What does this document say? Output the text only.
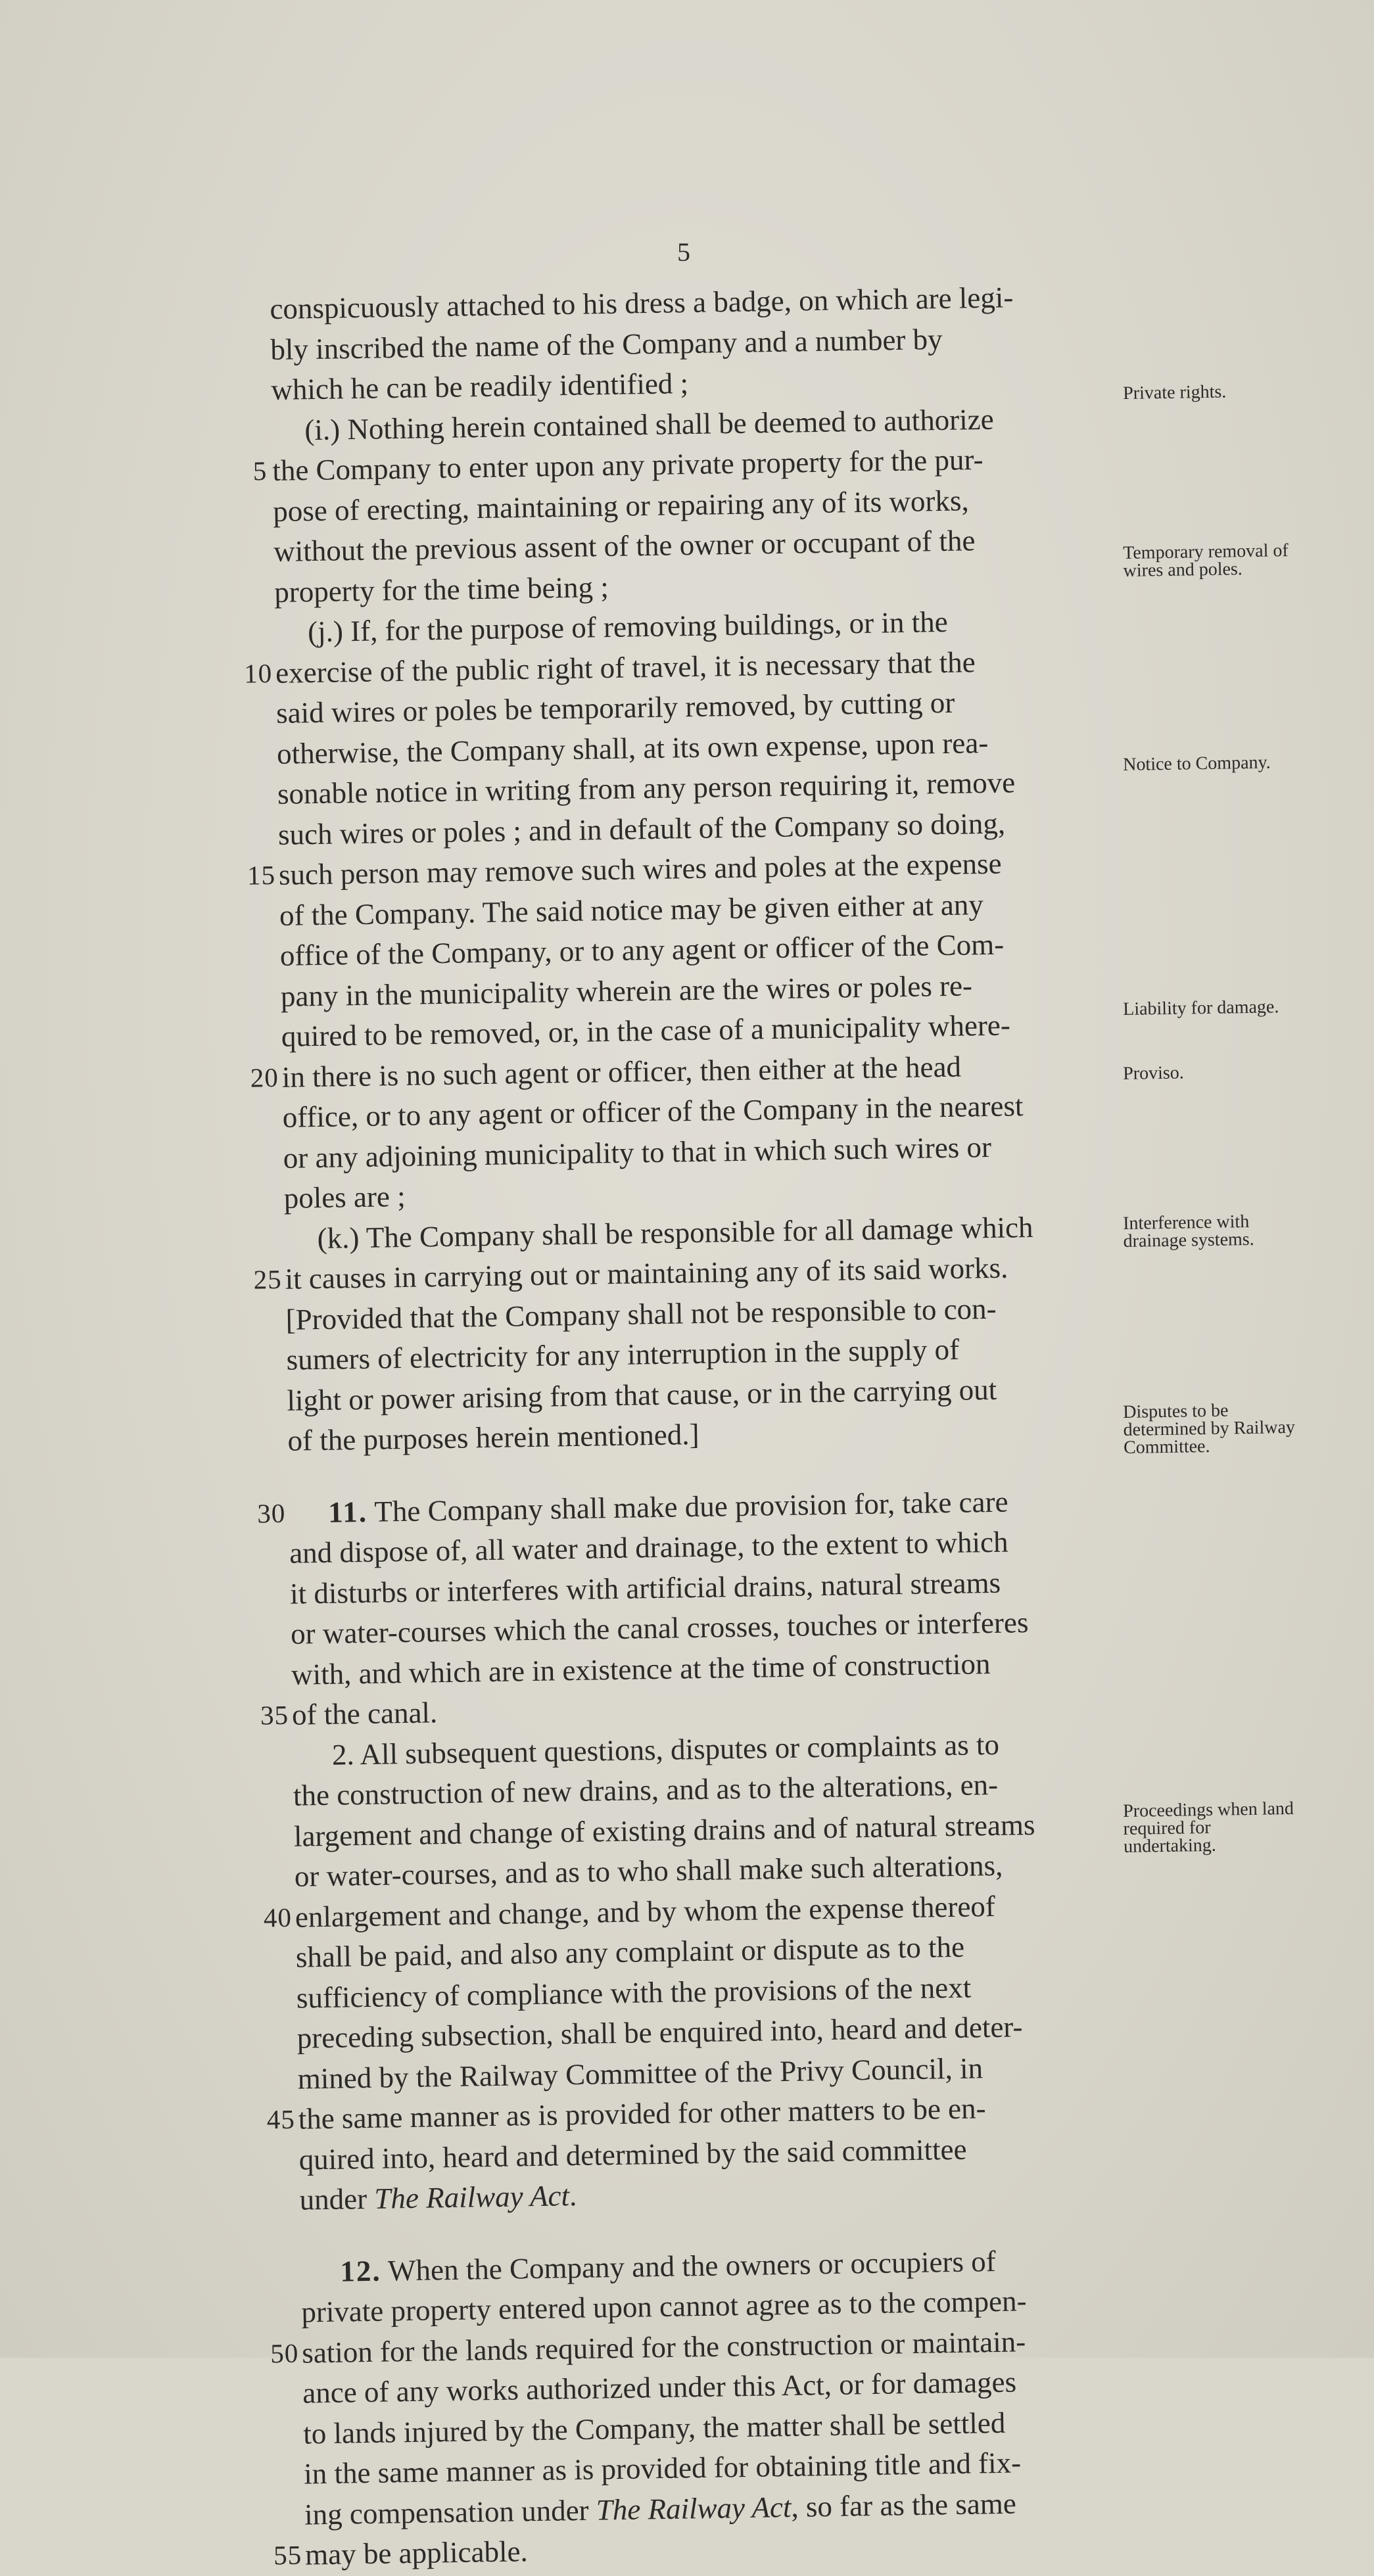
5
conspicuously attached to his dress a badge, on which are legi-
bly inscribed the name of the Company and a number by
which he can be readily identified ;
(i.) Nothing herein contained shall be deemed to authorize
5 the Company to enter upon any private property for the pur-
pose of erecting, maintaining or repairing any of its works,
without the previous assent of the owner or occupant of the
property for the time being ;
(j.) If, for the purpose of removing buildings, or in the
10 exercise of the public right of travel, it is necessary that the
said wires or poles be temporarily removed, by cutting or
otherwise, the Company shall, at its own expense, upon rea-
sonable notice in writing from any person requiring it, remove
such wires or poles ; and in default of the Company so doing,
15 such person may remove such wires and poles at the expense
of the Company. The said notice may be given either at any
office of the Company, or to any agent or officer of the Com-
pany in the municipality wherein are the wires or poles re-
quired to be removed, or, in the case of a municipality where-
20 in there is no such agent or officer, then either at the head
office, or to any agent or officer of the Company in the nearest
or any adjoining municipality to that in which such wires or
poles are ;
(k.) The Company shall be responsible for all damage which
25 it causes in carrying out or maintaining any of its said works.
[Provided that the Company shall not be responsible to con-
sumers of electricity for any interruption in the supply of
light or power arising from that cause, or in the carrying out
of the purposes herein mentioned.]
30 11. The Company shall make due provision for, take care
and dispose of, all water and drainage, to the extent to which
it disturbs or interferes with artificial drains, natural streams
or water-courses which the canal crosses, touches or interferes
with, and which are in existence at the time of construction
35 of the canal.
2. All subsequent questions, disputes or complaints as to
the construction of new drains, and as to the alterations, en-
largement and change of existing drains and of natural streams
or water-courses, and as to who shall make such alterations,
40 enlargement and change, and by whom the expense thereof
shall be paid, and also any complaint or dispute as to the
sufficiency of compliance with the provisions of the next
preceding subsection, shall be enquired into, heard and deter-
mined by the Railway Committee of the Privy Council, in
45 the same manner as is provided for other matters to be en-
quired into, heard and determined by the said committee
under The Railway Act.
12. When the Company and the owners or occupiers of
private property entered upon cannot agree as to the compen-
50 sation for the lands required for the construction or maintain-
ance of any works authorized under this Act, or for damages
to lands injured by the Company, the matter shall be settled
in the same manner as is provided for obtaining title and fix-
ing compensation under The Railway Act, so far as the same
55 may be applicable.
Private rights.
Temporary removal of wires and poles.
Notice to Company.
Liability for damage.
Proviso.
Interference with drainage systems.
Disputes to be determined by Railway Committee.
Proceedings when land required for undertaking.
